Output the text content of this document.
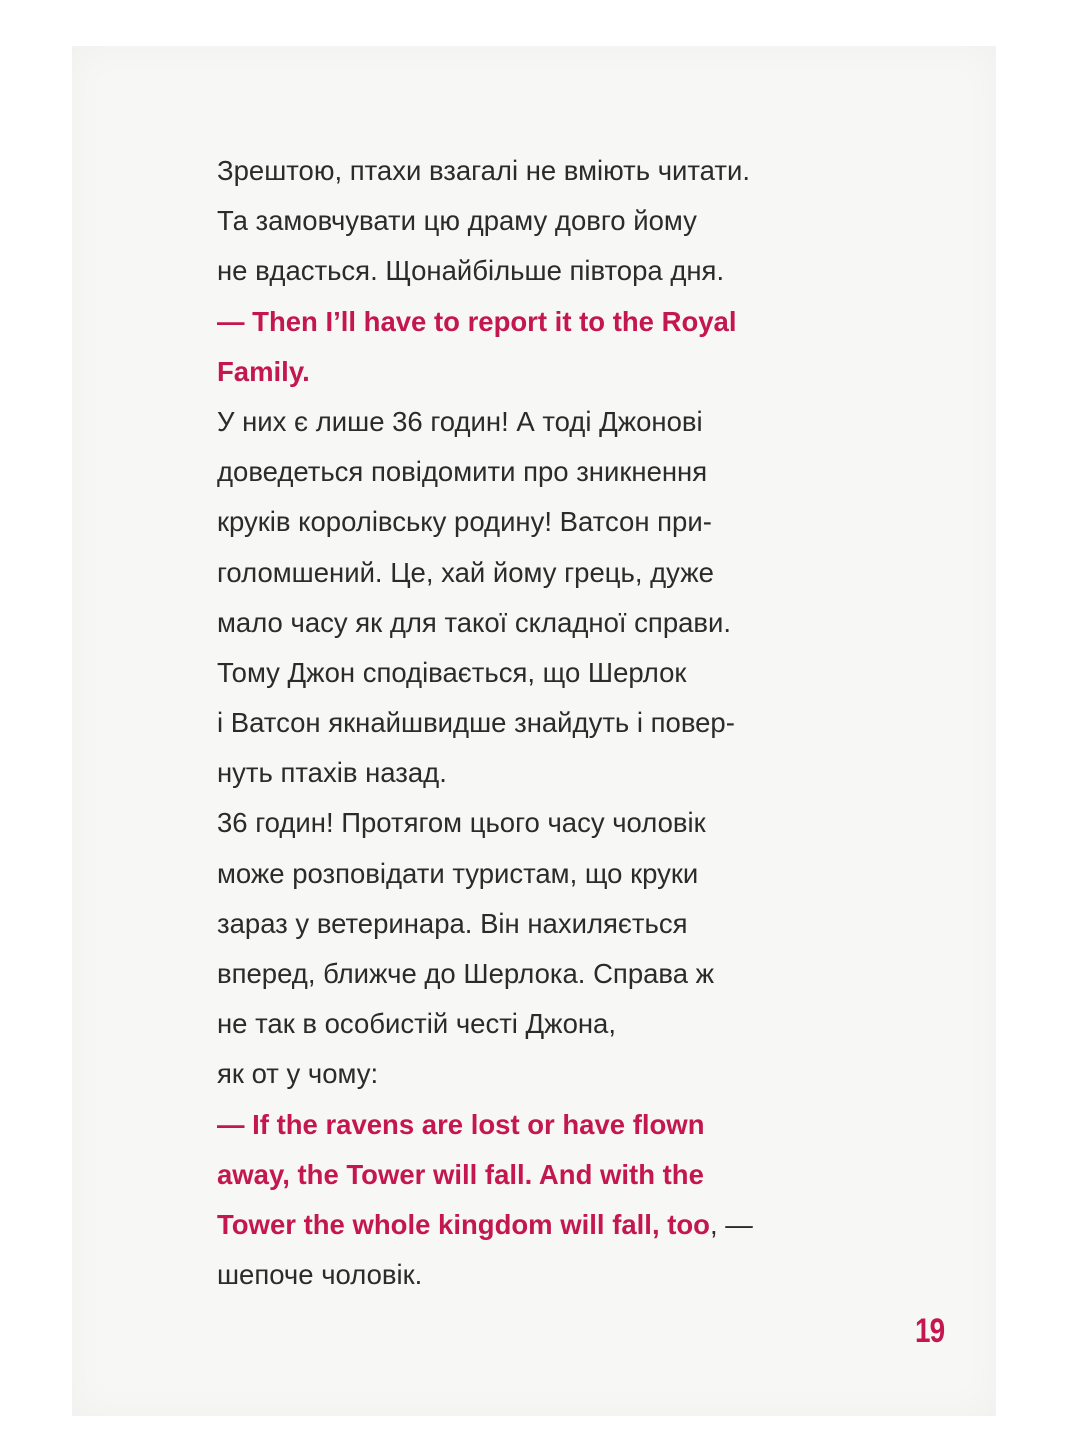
Зрештою, птахи взагалі не вміють читати.
Та замовчувати цю драму довго йому
не вдасться. Щонайбільше півтора дня.
— Then I’ll have to report it to the Royal
Family.
У них є лише 36 годин! А тоді Джонові
доведеться повідомити про зникнення
круків королівську родину! Ватсон при-
голомшений. Це, хай йому грець, дуже
мало часу як для такої складної справи.
Тому Джон сподівається, що Шерлок
і Ватсон якнайшвидше знайдуть і повер-
нуть птахів назад.
36 годин! Протягом цього часу чоловік
може розповідати туристам, що круки
зараз у ветеринара. Він нахиляється
вперед, ближче до Шерлока. Справа ж
не так в особистій честі Джона,
як от у чому:
— If the ravens are lost or have flown
away, the Tower will fall. And with the
Tower the whole kingdom will fall, too, —
шепоче чоловік.
19
